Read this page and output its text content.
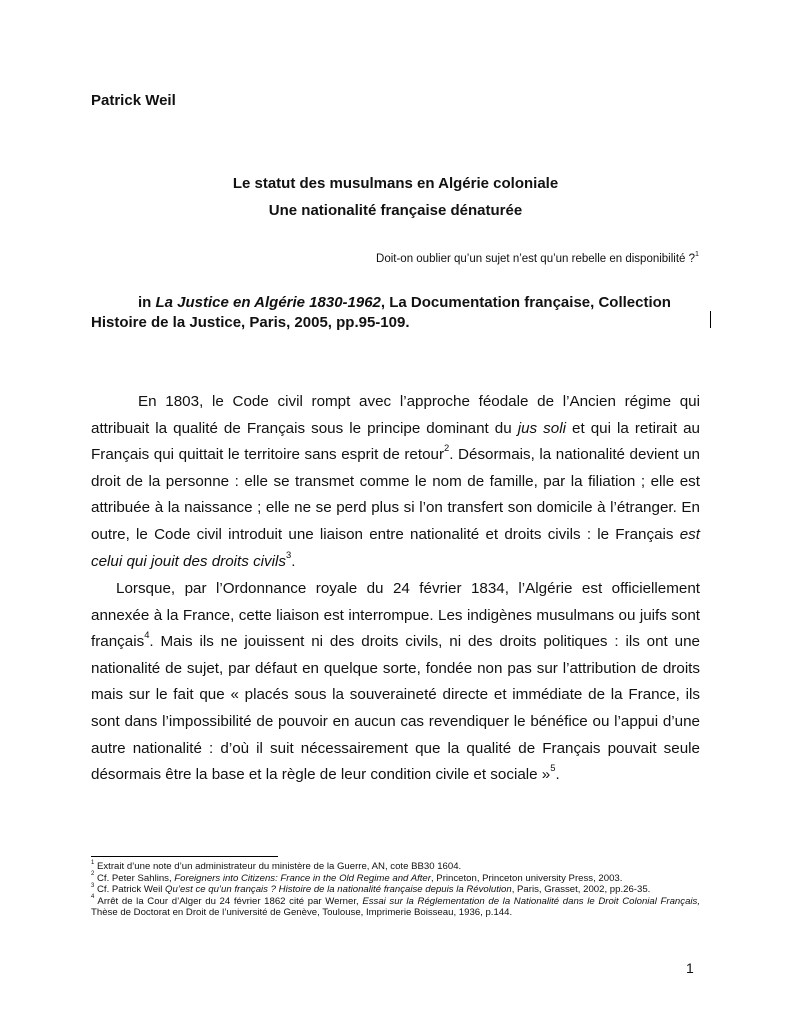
Patrick Weil
Le statut des musulmans en Algérie coloniale
Une nationalité française dénaturée
Doit-on oublier qu’un sujet n’est qu’un rebelle en disponibilité ?$^1$
in La Justice en Algérie 1830-1962, La Documentation française, Collection Histoire de la Justice, Paris, 2005, pp.95-109.
En 1803, le Code civil rompt avec l’approche féodale de l’Ancien régime qui attribuait la qualité de Français sous le principe dominant du jus soli et qui la retirait au Français qui quittait le territoire sans esprit de retour$^2$. Désormais, la nationalité devient un droit de la personne : elle se transmet comme le nom de famille, par la filiation ; elle est attribuée à la naissance ; elle ne se perd plus si l’on transfert son domicile à l’étranger. En outre, le Code civil introduit une liaison entre nationalité et droits civils : le Français est celui qui jouit des droits civils$^3$.
Lorsque, par l’Ordonnance royale du 24 février 1834, l’Algérie est officiellement annexée à la France, cette liaison est interrompue. Les indigènes musulmans ou juifs sont français$^4$. Mais ils ne jouissent ni des droits civils, ni des droits politiques : ils ont une nationalité de sujet, par défaut en quelque sorte, fondée non pas sur l’attribution de droits mais sur le fait que « placés sous la souveraineté directe et immédiate de la France, ils sont dans l’impossibilité de pouvoir en aucun cas revendiquer le bénéfice ou l’appui d’une autre nationalité : d’où il suit nécessairement que la qualité de Français pouvait seule désormais être la base et la règle de leur condition civile et sociale »$^5$.
$^1$ Extrait d’une note d’un administrateur du ministère de la Guerre, AN, cote BB30 1604.
$^2$ Cf. Peter Sahlins, Foreigners into Citizens: France in the Old Regime and After, Princeton, Princeton university Press, 2003.
$^3$ Cf. Patrick Weil Qu’est ce qu’un français ? Histoire de la nationalité française depuis la Révolution, Paris, Grasset, 2002, pp.26-35.
$^4$ Arrêt de la Cour d’Alger du 24 février 1862 cité par Werner, Essai sur la Réglementation de la Nationalité dans le Droit Colonial Français, Thèse de Doctorat en Droit de l’université de Genève, Toulouse, Imprimerie Boisseau, 1936, p.144.
1
